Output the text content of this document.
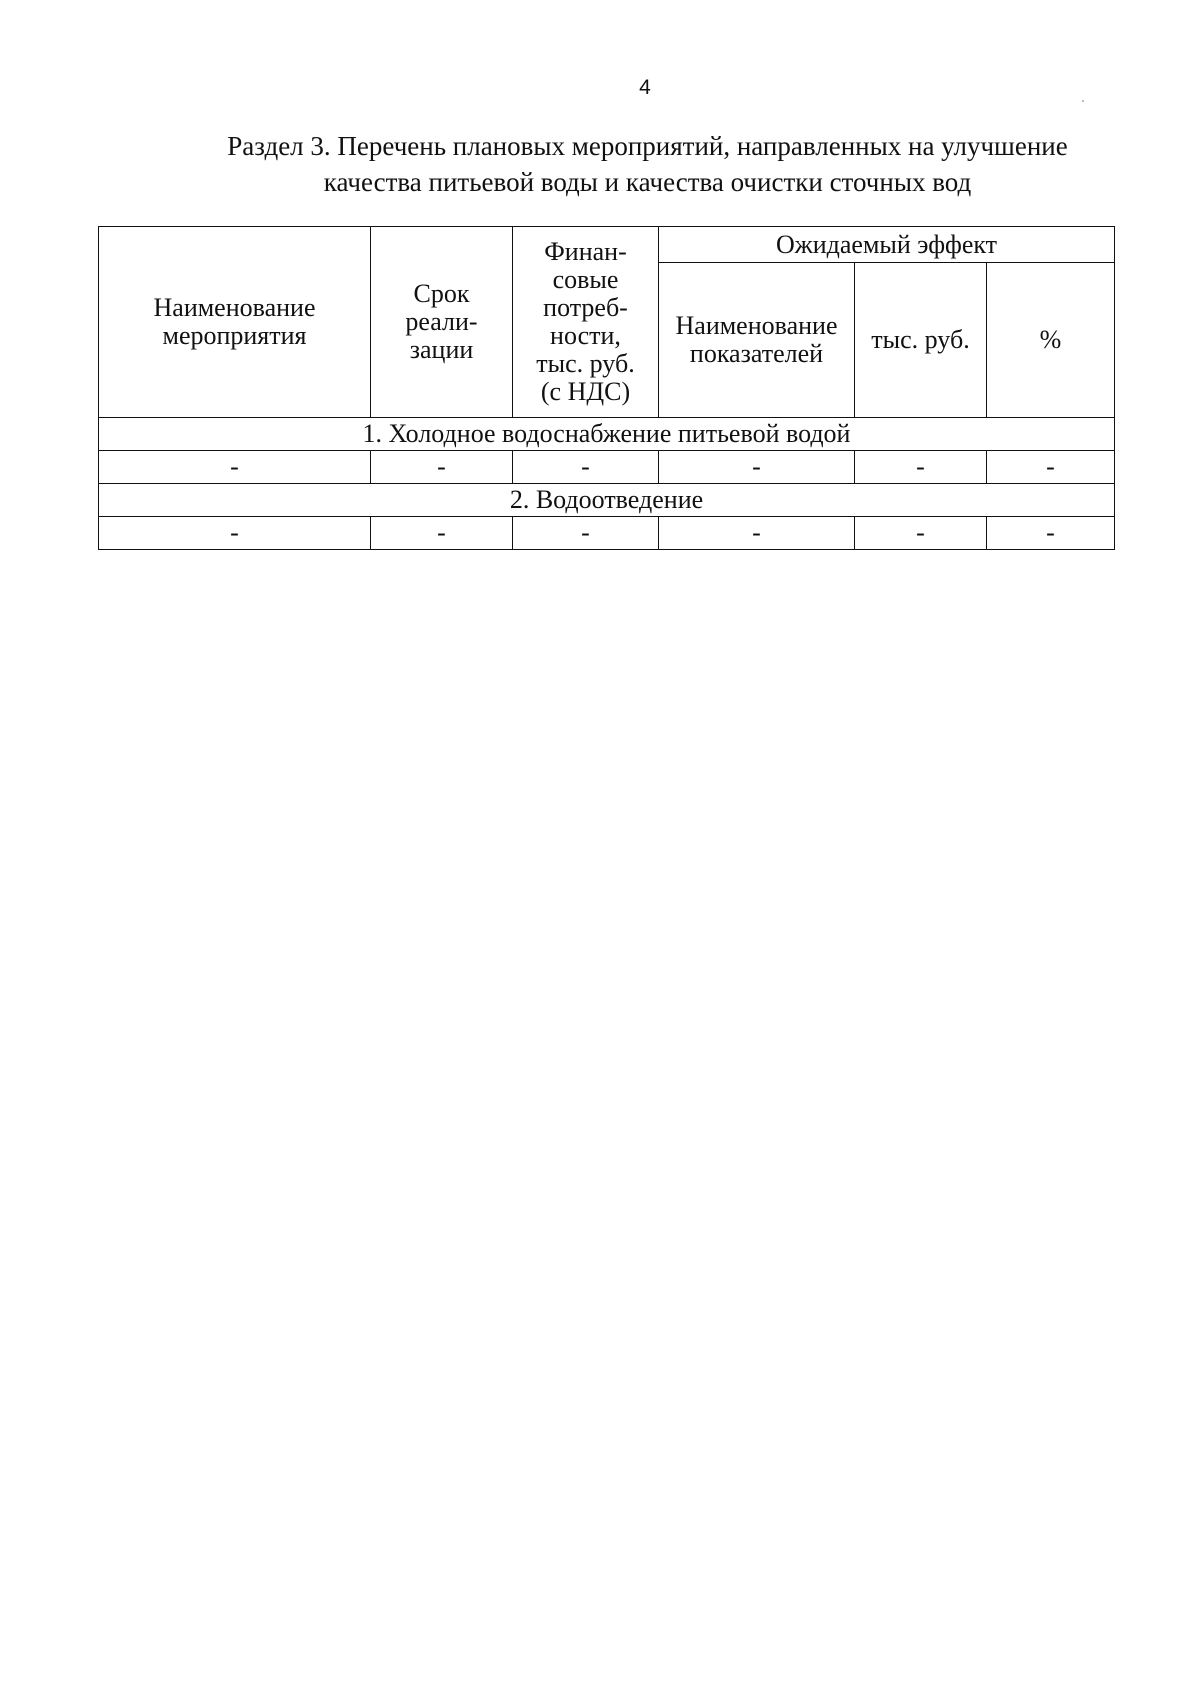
4
Раздел 3. Перечень плановых мероприятий, направленных на улучшение
качества питьевой воды и качества очистки сточных вод
Наименование мероприятия	Срок реали- зации	Финан- совые потреб- ности, тыс. руб. (с НДС)	Ожидаемый эффект		

			Наименование показателей	тыс. руб.	%
1. Холодное водоснабжение питьевой водой					
-	-	-	-	-	-
2. Водоотведение					
-	-	-	-	-	-
